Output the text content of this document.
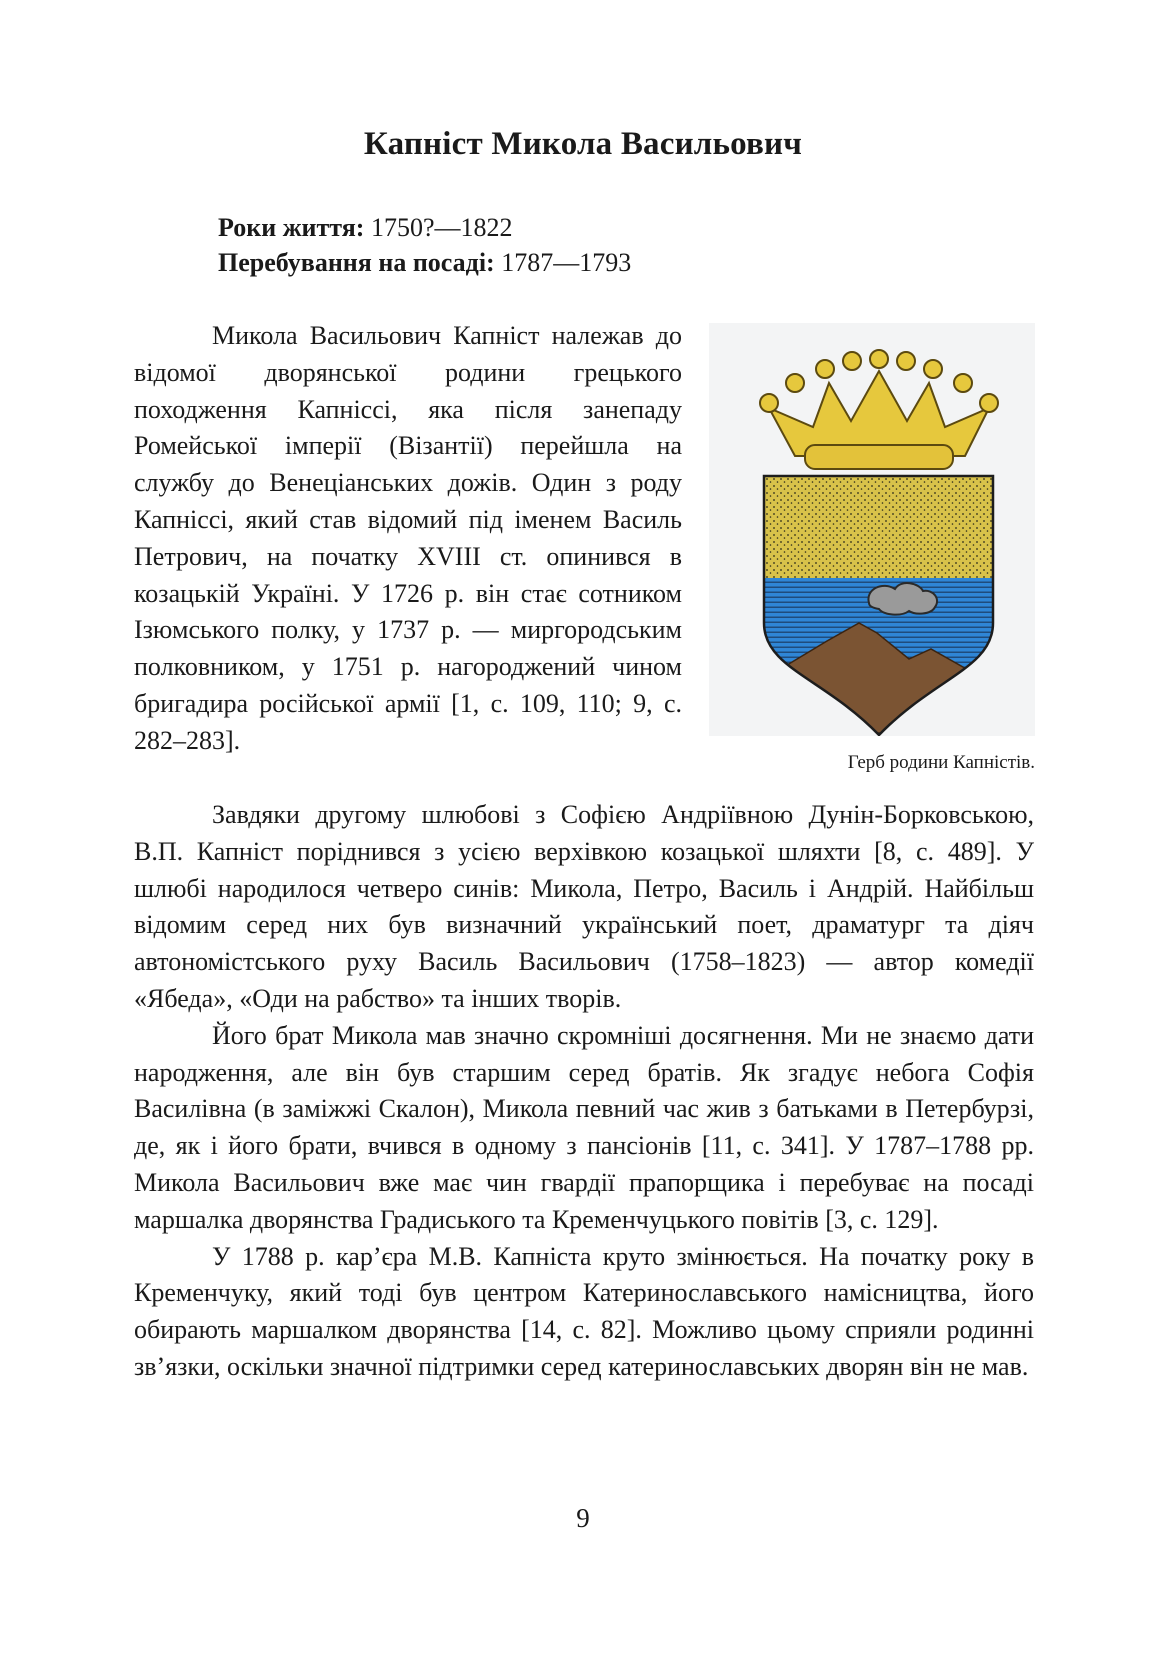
Капніст Микола Васильович
Роки життя: 1750?—1822
Перебування на посаді: 1787—1793
Герб родини Капністів.

Микола Васильович Капніст належав до відомої дворянської родини грецького походження Капніссі, яка після занепаду Ромейської імперії (Візантії) перейшла на службу до Венеціанських дожів. Один з роду Капніссі, який став відомий під іменем Василь Петрович, на початку XVIII ст. опинився в козацькій Україні. У 1726 р. він стає сотником Ізюмського полку, у 1737 р. — миргородським полковником, у 1751 р. нагороджений чином бригадира російської армії [1, с. 109, 110; 9, с. 282–283].

Завдяки другому шлюбові з Софією Андріївною Дунін-Борковською, В.П. Капніст поріднився з усією верхівкою козацької шляхти [8, с. 489]. У шлюбі народилося четверо синів: Микола, Петро, Василь і Андрій. Найбільш відомим серед них був визначний український поет, драматург та діяч автономістського руху Василь Васильович (1758–1823) — автор комедії «Ябеда», «Оди на рабство» та інших творів.

Його брат Микола мав значно скромніші досягнення. Ми не знаємо дати народження, але він був старшим серед братів. Як згадує небога Софія Василівна (в заміжжі Скалон), Микола певний час жив з батьками в Петербурзі, де, як і його брати, вчився в одному з пансіонів [11, с. 341]. У 1787–1788 рр. Микола Васильович вже має чин гвардії прапорщика і перебуває на посаді маршалка дворянства Градиського та Кременчуцького повітів [3, с. 129].

У 1788 р. кар’єра М.В. Капніста круто змінюється. На початку року в Кременчуку, який тоді був центром Катеринославського намісництва, його обирають маршалком дворянства [14, с. 82]. Можливо цьому сприяли родинні зв’язки, оскільки значної підтримки серед катеринославських дворян він не мав.

9
